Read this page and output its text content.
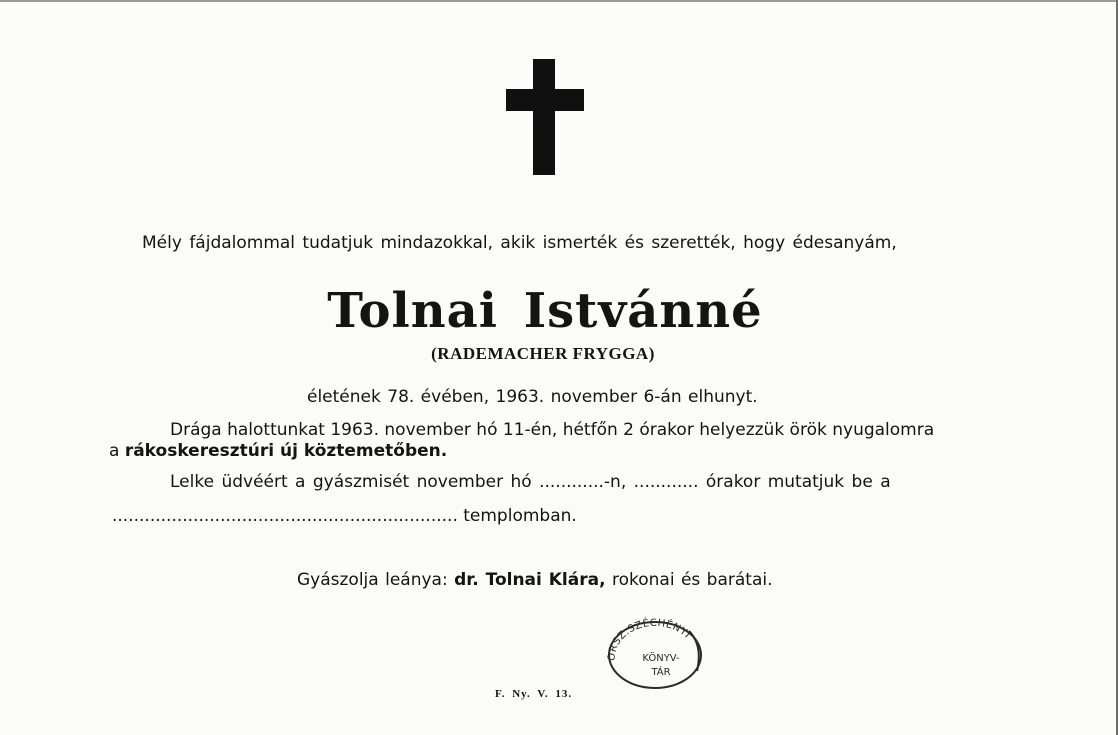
Mély fájdalommal tudatjuk mindazokkal, akik ismerték és szerették, hogy édesanyám,
Tolnai Istvánné
(RADEMACHER FRYGGA)
életének 78. évében, 1963. november 6-án elhunyt.
Drága halottunkat 1963. november hó 11-én, hétfőn 2 órakor helyezzük örök nyugalomra
a rákoskeresztúri új köztemetőben.
Lelke üdvéért a gyászmisét november hó ............-n, ............ órakor mutatjuk be a
................................................................ templomban.
Gyászolja leánya: dr. Tolnai Klára, rokonai és barátai.
ORSZ.SZÉCHÉNYI
KÖNYV-
TÁR
F. Ny. V. 13.
